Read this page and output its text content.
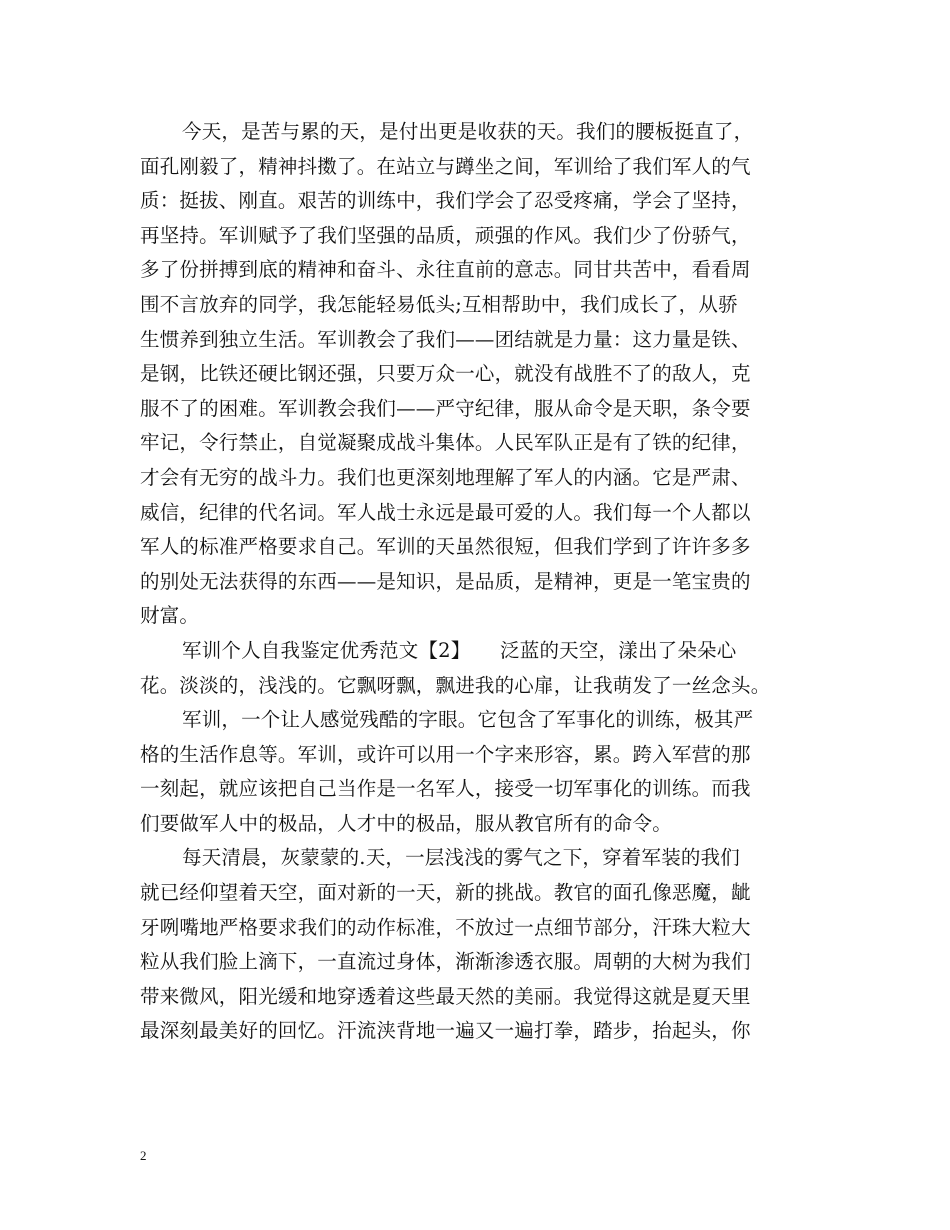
今天，是苦与累的天，是付出更是收获的天。我们的腰板挺直了，
面孔刚毅了，精神抖擞了。在站立与蹲坐之间，军训给了我们军人的气
质：挺拔、刚直。艰苦的训练中，我们学会了忍受疼痛，学会了坚持，
再坚持。军训赋予了我们坚强的品质，顽强的作风。我们少了份骄气，
多了份拼搏到底的精神和奋斗、永往直前的意志。同甘共苦中，看看周
围不言放弃的同学，我怎能轻易低头;互相帮助中，我们成长了，从骄
生惯养到独立生活。军训教会了我们——团结就是力量：这力量是铁、
是钢，比铁还硬比钢还强，只要万众一心，就没有战胜不了的敌人，克
服不了的困难。军训教会我们——严守纪律，服从命令是天职，条令要
牢记，令行禁止，自觉凝聚成战斗集体。人民军队正是有了铁的纪律，
才会有无穷的战斗力。我们也更深刻地理解了军人的内涵。它是严肃、
威信，纪律的代名词。军人战士永远是最可爱的人。我们每一个人都以
军人的标准严格要求自己。军训的天虽然很短，但我们学到了许许多多
的别处无法获得的东西——是知识，是品质，是精神，更是一笔宝贵的
财富。
军训个人自我鉴定优秀范文【2】　　泛蓝的天空，漾出了朵朵心
花。淡淡的，浅浅的。它飘呀飘，飘进我的心扉，让我萌发了一丝念头。
军训，一个让人感觉残酷的字眼。它包含了军事化的训练，极其严
格的生活作息等。军训，或许可以用一个字来形容，累。跨入军营的那
一刻起，就应该把自己当作是一名军人，接受一切军事化的训练。而我
们要做军人中的极品，人才中的极品，服从教官所有的命令。
每天清晨，灰蒙蒙的.天，一层浅浅的雾气之下，穿着军装的我们
就已经仰望着天空，面对新的一天，新的挑战。教官的面孔像恶魔，龇
牙咧嘴地严格要求我们的动作标准，不放过一点细节部分，汗珠大粒大
粒从我们脸上滴下，一直流过身体，渐渐渗透衣服。周朝的大树为我们
带来微风，阳光缓和地穿透着这些最天然的美丽。我觉得这就是夏天里
最深刻最美好的回忆。汗流浃背地一遍又一遍打拳，踏步，抬起头，你
2
